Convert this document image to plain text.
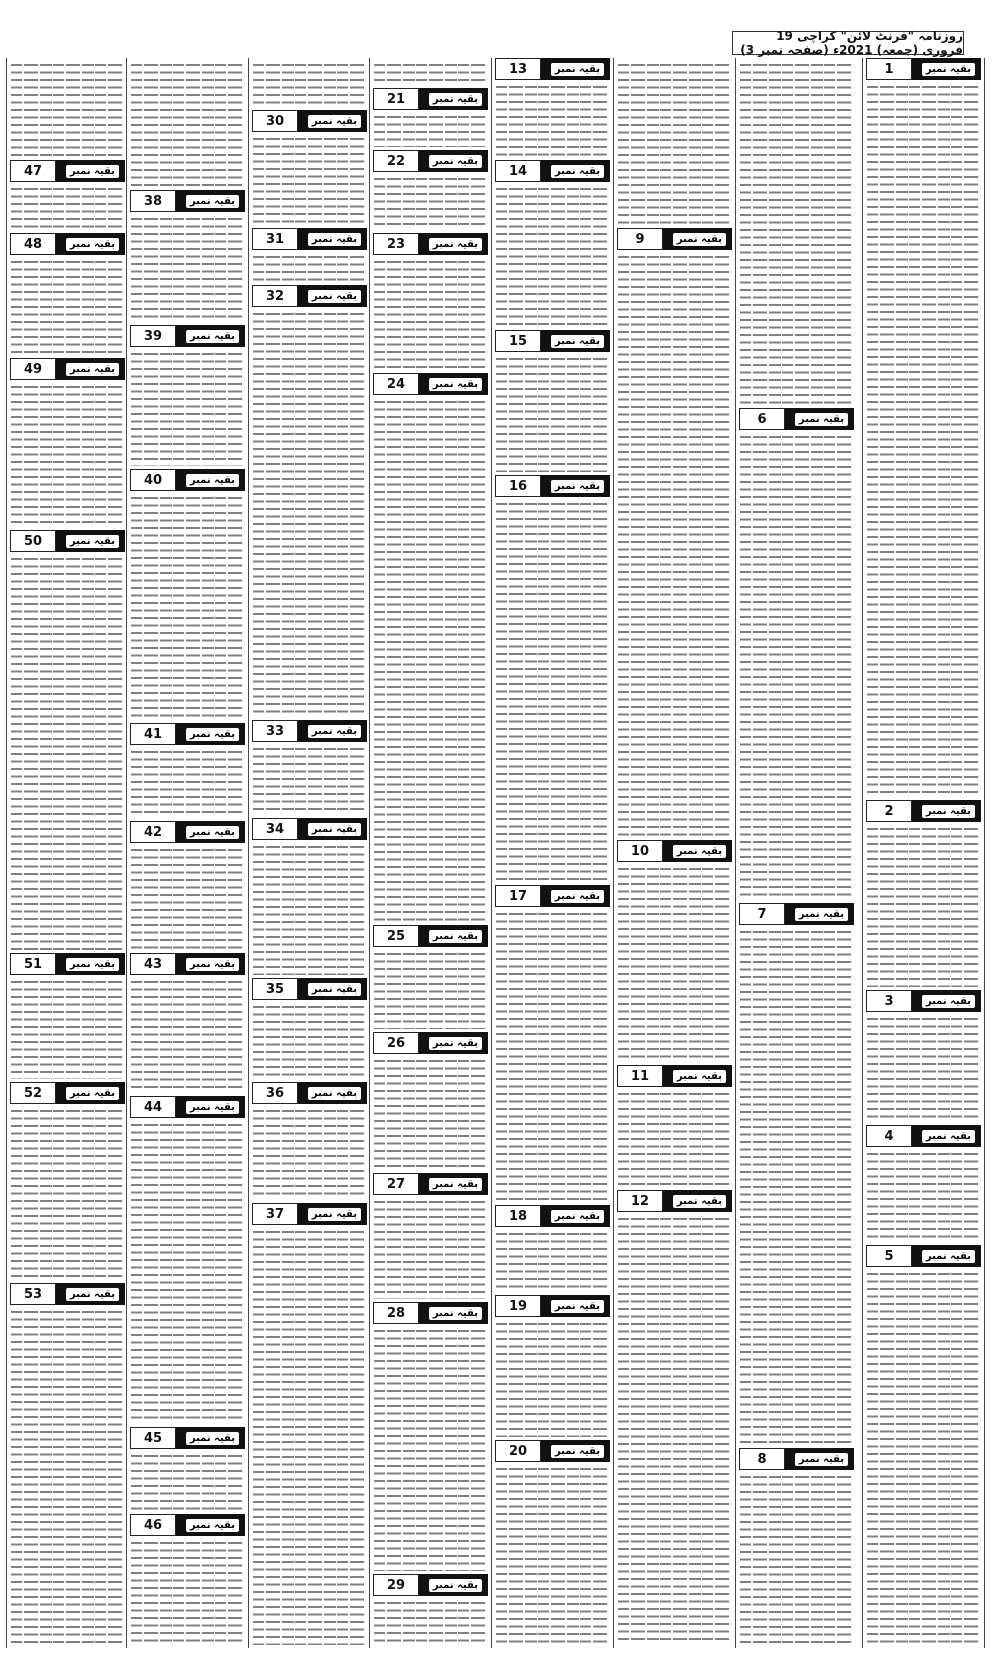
روزنامہ "فرنٹ لائن" کراچی 19 فروری (جمعہ) 2021ء (صفحہ نمبر 3)
1	بقیہ نمبر
2	بقیہ نمبر
3	بقیہ نمبر
4	بقیہ نمبر
5	بقیہ نمبر
6	بقیہ نمبر
7	بقیہ نمبر
8	بقیہ نمبر
9	بقیہ نمبر
10	بقیہ نمبر
11	بقیہ نمبر
12	بقیہ نمبر
13	بقیہ نمبر
14	بقیہ نمبر
15	بقیہ نمبر
16	بقیہ نمبر
17	بقیہ نمبر
18	بقیہ نمبر
19	بقیہ نمبر
20	بقیہ نمبر
21	بقیہ نمبر
22	بقیہ نمبر
23	بقیہ نمبر
24	بقیہ نمبر
25	بقیہ نمبر
26	بقیہ نمبر
27	بقیہ نمبر
28	بقیہ نمبر
29	بقیہ نمبر
30	بقیہ نمبر
31	بقیہ نمبر
32	بقیہ نمبر
33	بقیہ نمبر
34	بقیہ نمبر
35	بقیہ نمبر
36	بقیہ نمبر
37	بقیہ نمبر
38	بقیہ نمبر
39	بقیہ نمبر
40	بقیہ نمبر
41	بقیہ نمبر
42	بقیہ نمبر
43	بقیہ نمبر
44	بقیہ نمبر
45	بقیہ نمبر
46	بقیہ نمبر
47	بقیہ نمبر
48	بقیہ نمبر
49	بقیہ نمبر
50	بقیہ نمبر
51	بقیہ نمبر
52	بقیہ نمبر
53	بقیہ نمبر
